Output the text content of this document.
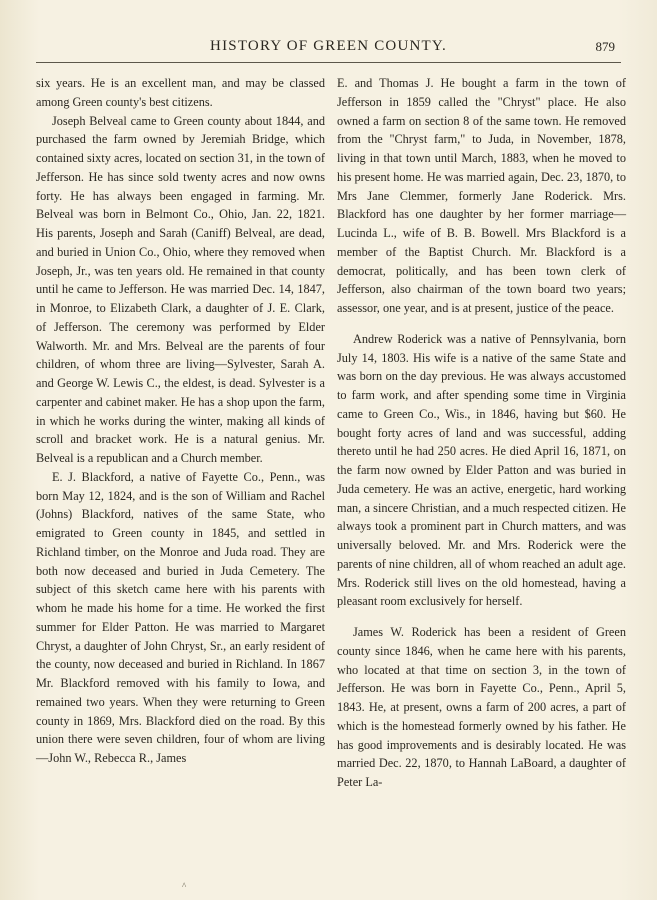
HISTORY OF GREEN COUNTY.	879

six years. He is an excellent man, and may be classed among Green county's best citizens.

Joseph Belveal came to Green county about 1844, and purchased the farm owned by Jeremiah Bridge, which contained sixty acres, located on section 31, in the town of Jefferson. He has since sold twenty acres and now owns forty. He has always been engaged in farming. Mr. Belveal was born in Belmont Co., Ohio, Jan. 22, 1821. His parents, Joseph and Sarah (Caniff) Belveal, are dead, and buried in Union Co., Ohio, where they removed when Joseph, Jr., was ten years old. He remained in that county until he came to Jefferson. He was married Dec. 14, 1847, in Monroe, to Elizabeth Clark, a daughter of J. E. Clark, of Jefferson. The ceremony was performed by Elder Walworth. Mr. and Mrs. Belveal are the parents of four children, of whom three are living—Sylvester, Sarah A. and George W. Lewis C., the eldest, is dead. Sylvester is a carpenter and cabinet maker. He has a shop upon the farm, in which he works during the winter, making all kinds of scroll and bracket work. He is a natural genius. Mr. Belveal is a republican and a Church member.

E. J. Blackford, a native of Fayette Co., Penn., was born May 12, 1824, and is the son of William and Rachel (Johns) Blackford, natives of the same State, who emigrated to Green county in 1845, and settled in Richland timber, on the Monroe and Juda road. They are both now deceased and buried in Juda Cemetery. The subject of this sketch came here with his parents with whom he made his home for a time. He worked the first summer for Elder Patton. He was married to Margaret Chryst, a daughter of John Chryst, Sr., an early resident of the county, now deceased and buried in Richland. In 1867 Mr. Blackford removed with his family to Iowa, and remained two years. When they were returning to Green county in 1869, Mrs. Blackford died on the road. By this union there were seven children, four of whom are living—John W., Rebecca R., James

E. and Thomas J. He bought a farm in the town of Jefferson in 1859 called the "Chryst" place. He also owned a farm on section 8 of the same town. He removed from the "Chryst farm," to Juda, in November, 1878, living in that town until March, 1883, when he moved to his present home. He was married again, Dec. 23, 1870, to Mrs Jane Clemmer, formerly Jane Roderick. Mrs. Blackford has one daughter by her former marriage—Lucinda L., wife of B. B. Bowell. Mrs Blackford is a member of the Baptist Church. Mr. Blackford is a democrat, politically, and has been town clerk of Jefferson, also chairman of the town board two years; assessor, one year, and is at present, justice of the peace.

Andrew Roderick was a native of Pennsylvania, born July 14, 1803. His wife is a native of the same State and was born on the day previous. He was always accustomed to farm work, and after spending some time in Virginia came to Green Co., Wis., in 1846, having but $60. He bought forty acres of land and was successful, adding thereto until he had 250 acres. He died April 16, 1871, on the farm now owned by Elder Patton and was buried in Juda cemetery. He was an active, energetic, hard working man, a sincere Christian, and a much respected citizen. He always took a prominent part in Church matters, and was universally beloved. Mr. and Mrs. Roderick were the parents of nine children, all of whom reached an adult age. Mrs. Roderick still lives on the old homestead, having a pleasant room exclusively for herself.

James W. Roderick has been a resident of Green county since 1846, when he came here with his parents, who located at that time on section 3, in the town of Jefferson. He was born in Fayette Co., Penn., April 5, 1843. He, at present, owns a farm of 200 acres, a part of which is the homestead formerly owned by his father. He has good improvements and is desirably located. He was married Dec. 22, 1870, to Hannah LaBoard, a daughter of Peter La-

^
